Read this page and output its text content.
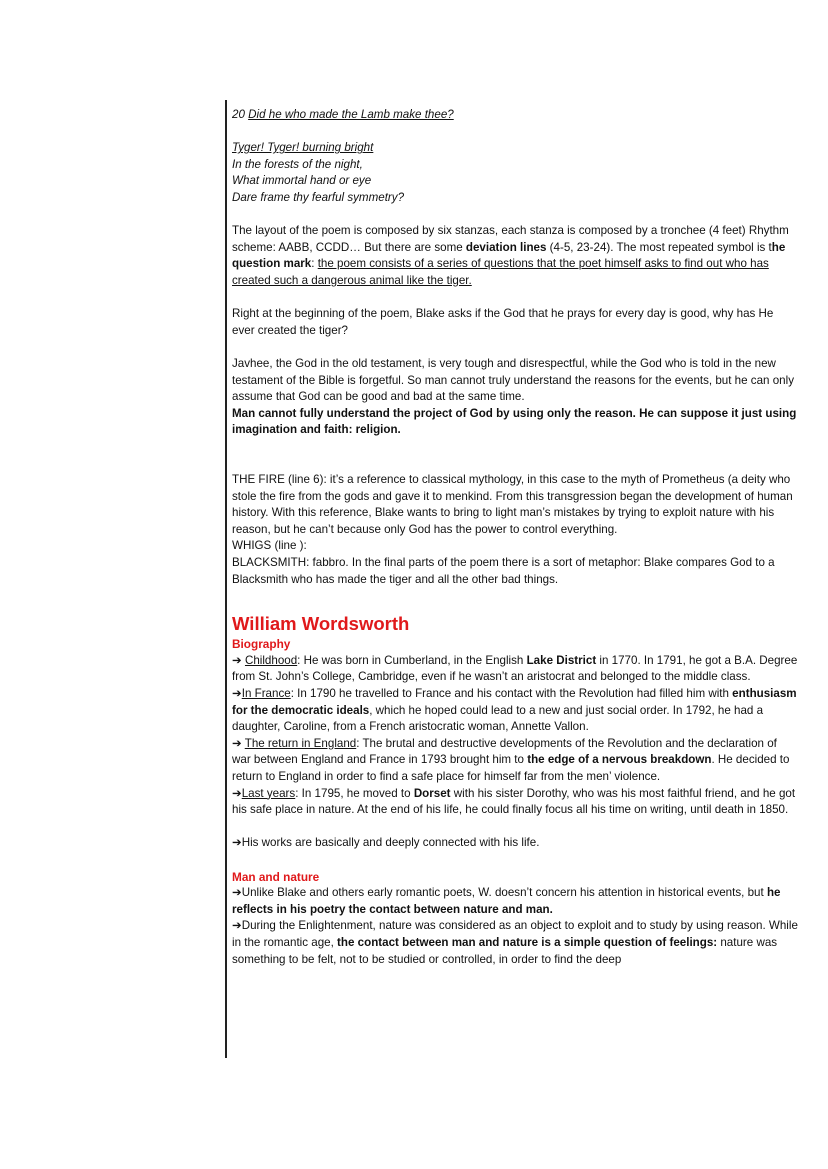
20 Did he who made the Lamb make thee?

Tyger! Tyger! burning bright

In the forests of the night,

What immortal hand or eye

Dare frame thy fearful symmetry?

The layout of the poem is composed by six stanzas, each stanza is composed by a tronchee (4 feet) Rhythm scheme: AABB, CCDD… But there are some deviation lines (4-5, 23-24). The most repeated symbol is the question mark: the poem consists of a series of questions that the poet himself asks to find out who has created such a dangerous animal like the tiger.

Right at the beginning of the poem, Blake asks if the God that he prays for every day is good, why has He ever created the tiger?

Javhee, the God in the old testament, is very tough and disrespectful, while the God who is told in the new testament of the Bible is forgetful. So man cannot truly understand the reasons for the events, but he can only assume that God can be good and bad at the same time.

Man cannot fully understand the project of God by using only the reason. He can suppose it just using imagination and faith: religion.

THE FIRE (line 6): it’s a reference to classical mythology, in this case to the myth of Prometheus (a deity who stole the fire from the gods and gave it to menkind. From this transgression began the development of human history. With this reference, Blake wants to bring to light man’s mistakes by trying to exploit nature with his reason, but he can’t because only God has the power to control everything.

WHIGS (line ):

BLACKSMITH: fabbro. In the final parts of the poem there is a sort of metaphor: Blake compares God to a Blacksmith who has made the tiger and all the other bad things.

William Wordsworth
Biography

➔ Childhood: He was born in Cumberland, in the English Lake District in 1770. In 1791, he got a B.A. Degree from St. John’s College, Cambridge, even if he wasn’t an aristocrat and belonged to the middle class.

➔In France: In 1790 he travelled to France and his contact with the Revolution had filled him with enthusiasm for the democratic ideals, which he hoped could lead to a new and just social order. In 1792, he had a daughter, Caroline, from a French aristocratic woman, Annette Vallon.

➔ The return in England: The brutal and destructive developments of the Revolution and the declaration of war between England and France in 1793 brought him to the edge of a nervous breakdown. He decided to return to England in order to find a safe place for himself far from the men’ violence.

➔Last years: In 1795, he moved to Dorset with his sister Dorothy, who was his most faithful friend, and he got his safe place in nature. At the end of his life, he could finally focus all his time on writing, until death in 1850.

➔His works are basically and deeply connected with his life.

Man and nature

➔Unlike Blake and others early romantic poets, W. doesn’t concern his attention in historical events, but he reflects in his poetry the contact between nature and man.

➔During the Enlightenment, nature was considered as an object to exploit and to study by using reason. While in the romantic age, the contact between man and nature is a simple question of feelings: nature was something to be felt, not to be studied or controlled, in order to find the deep
